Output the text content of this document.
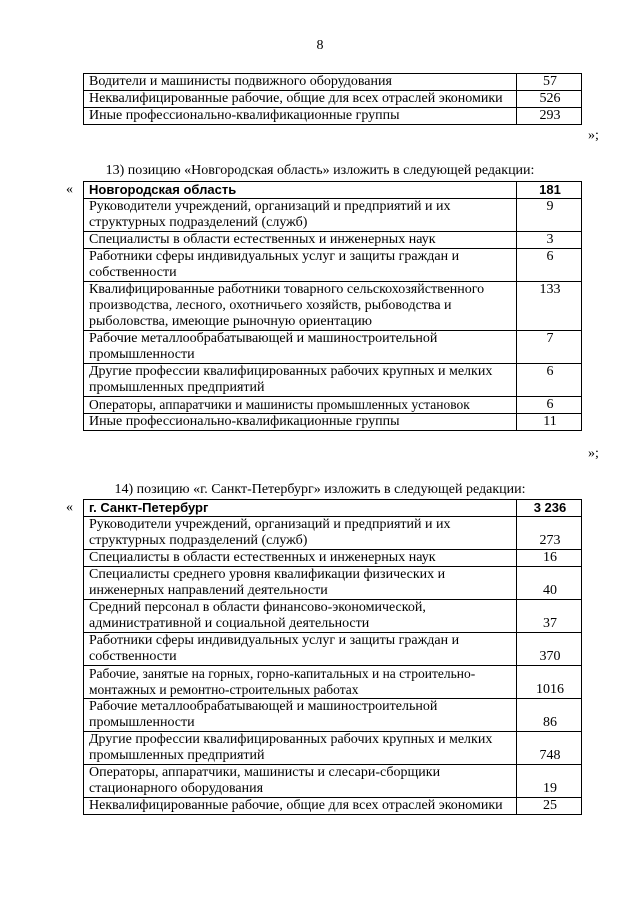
8
Водители и машинисты подвижного оборудования	57
Неквалифицированные рабочие, общие для всех отраслей экономики	526
Иные профессионально-квалификационные группы	293
»;
13) позицию «Новгородская область» изложить в следующей редакции:
« Новгородская область	181
Руководители учреждений, организаций и предприятий и их структурных подразделений (служб)	9
Специалисты в области естественных и инженерных наук	3
Работники сферы индивидуальных услуг и защиты граждан и собственности	6
Квалифицированные работники товарного сельскохозяйственного производства, лесного, охотничьего хозяйств, рыбоводства и рыболовства, имеющие рыночную ориентацию	133
Рабочие металлообрабатывающей и машиностроительной промышленности	7
Другие профессии квалифицированных рабочих крупных и мелких промышленных предприятий	6
Операторы, аппаратчики и машинисты промышленных установок	6
Иные профессионально-квалификационные группы	11
»;
14) позицию «г. Санкт-Петербург» изложить в следующей редакции:
« г. Санкт-Петербург	3 236
Руководители учреждений, организаций и предприятий и их структурных подразделений (служб)	273
Специалисты в области естественных и инженерных наук	16
Специалисты среднего уровня квалификации физических и инженерных направлений деятельности	40
Средний персонал в области финансово-экономической, административной и социальной деятельности	37
Работники сферы индивидуальных услуг и защиты граждан и собственности	370
Рабочие, занятые на горных, горно-капитальных и на строительно-монтажных и ремонтно-строительных работах	1016
Рабочие металлообрабатывающей и машиностроительной промышленности	86
Другие профессии квалифицированных рабочих крупных и мелких промышленных предприятий	748
Операторы, аппаратчики, машинисты и слесари-сборщики стационарного оборудования	19
Неквалифицированные рабочие, общие для всех отраслей экономики	25
